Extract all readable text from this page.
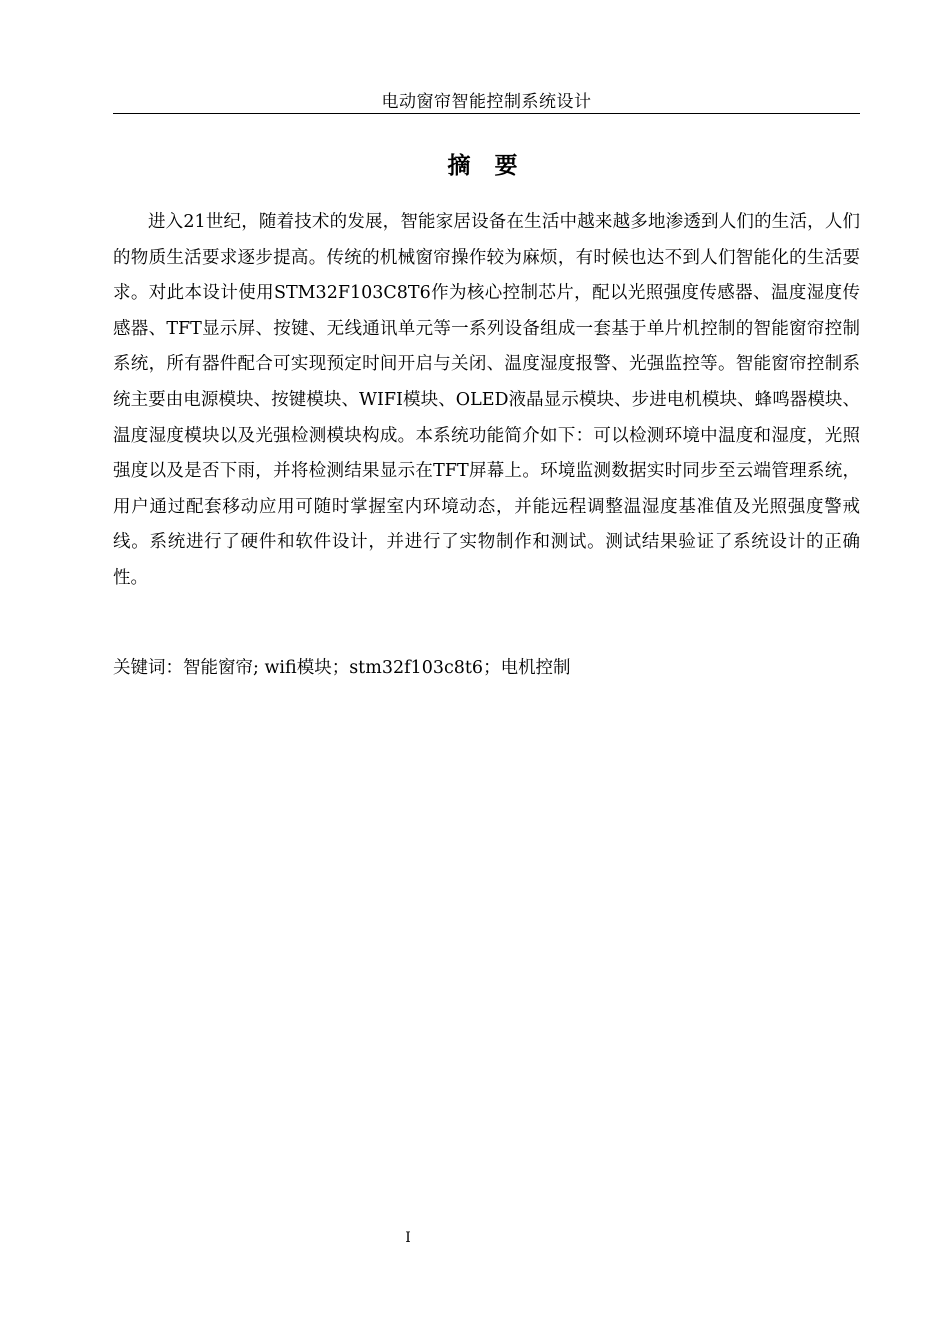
电动窗帘智能控制系统设计
摘 要

进入21世纪，随着技术的发展，智能家居设备在生活中越来越多地渗透到人们的生活，人们的物质生活要求逐步提高。传统的机械窗帘操作较为麻烦，有时候也达不到人们智能化的生活要求。对此本设计使用STM32F103C8T6作为核心控制芯片，配以光照强度传感器、温度湿度传感器、TFT显示屏、按键、无线通讯单元等一系列设备组成一套基于单片机控制的智能窗帘控制系统，所有器件配合可实现预定时间开启与关闭、温度湿度报警、光强监控等。智能窗帘控制系统主要由电源模块、按键模块、WIFI模块、OLED液晶显示模块、步进电机模块、蜂鸣器模块、温度湿度模块以及光强检测模块构成。本系统功能简介如下：可以检测环境中温度和湿度，光照强度以及是否下雨，并将检测结果显示在TFT屏幕上。环境监测数据实时同步至云端管理系统，用户通过配套移动应用可随时掌握室内环境动态，并能远程调整温湿度基准值及光照强度警戒线。系统进行了硬件和软件设计，并进行了实物制作和测试。测试结果验证了系统设计的正确性。

关键词：智能窗帘; wifi模块；stm32f103c8t6；电机控制
I
